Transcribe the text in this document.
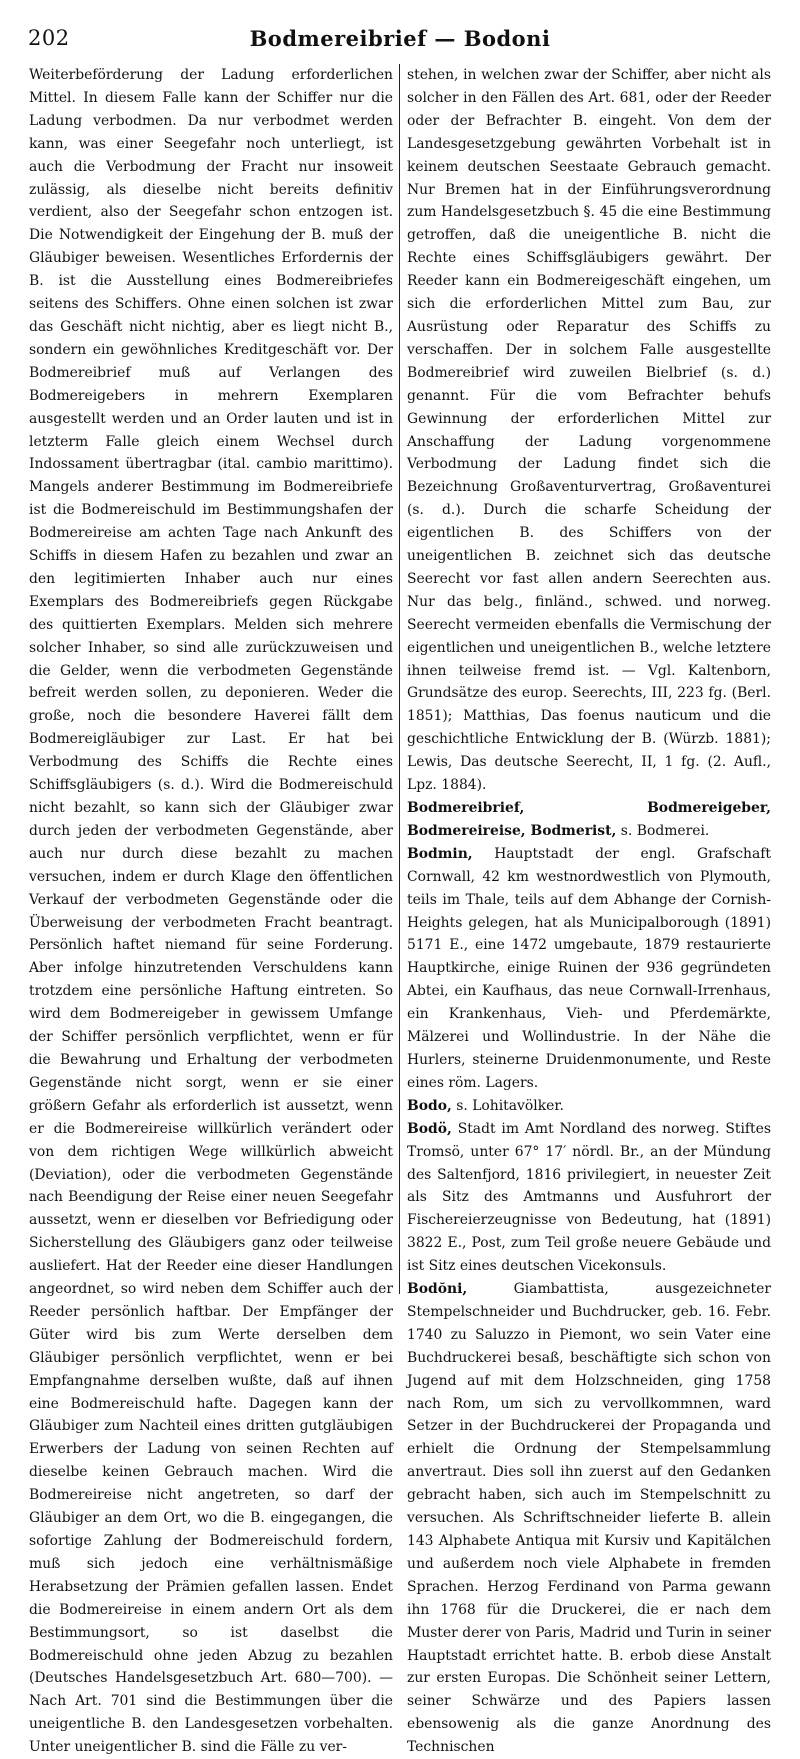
202	Bodmereibrief — Bodoni

Weiterbeförderung der Ladung erforderlichen Mittel. In diesem Falle kann der Schiffer nur die Ladung verbodmen. Da nur verbodmet werden kann, was einer Seegefahr noch unterliegt, ist auch die Verbodmung der Fracht nur insoweit zulässig, als dieselbe nicht bereits definitiv verdient, also der Seegefahr schon entzogen ist. Die Notwendigkeit der Eingehung der B. muß der Gläubiger beweisen. Wesentliches Erfordernis der B. ist die Ausstellung eines Bodmereibriefes seitens des Schiffers. Ohne einen solchen ist zwar das Geschäft nicht nichtig, aber es liegt nicht B., sondern ein gewöhnliches Kreditgeschäft vor. Der Bodmereibrief muß auf Verlangen des Bodmereigebers in mehrern Exemplaren ausgestellt werden und an Order lauten und ist in letzterm Falle gleich einem Wechsel durch Indossament übertragbar (ital. cambio marittimo). Mangels anderer Bestimmung im Bodmereibriefe ist die Bodmereischuld im Bestimmungshafen der Bodmereireise am achten Tage nach Ankunft des Schiffs in diesem Hafen zu bezahlen und zwar an den legitimierten Inhaber auch nur eines Exemplars des Bodmereibriefs gegen Rückgabe des quittierten Exemplars. Melden sich mehrere solcher Inhaber, so sind alle zurückzuweisen und die Gelder, wenn die verbodmeten Gegenstände befreit werden sollen, zu deponieren. Weder die große, noch die besondere Haverei fällt dem Bodmereigläubiger zur Last. Er hat bei Verbodmung des Schiffs die Rechte eines Schiffsgläubigers (s. d.). Wird die Bodmereischuld nicht bezahlt, so kann sich der Gläubiger zwar durch jeden der verbodmeten Gegenstände, aber auch nur durch diese bezahlt zu machen versuchen, indem er durch Klage den öffentlichen Verkauf der verbodmeten Gegenstände oder die Überweisung der verbodmeten Fracht beantragt. Persönlich haftet niemand für seine Forderung. Aber infolge hinzutretenden Verschuldens kann trotzdem eine persönliche Haftung eintreten. So wird dem Bodmereigeber in gewissem Umfange der Schiffer persönlich verpflichtet, wenn er für die Bewahrung und Erhaltung der verbodmeten Gegenstände nicht sorgt, wenn er sie einer größern Gefahr als erforderlich ist aussetzt, wenn er die Bodmereireise willkürlich verändert oder von dem richtigen Wege willkürlich abweicht (Deviation), oder die verbodmeten Gegenstände nach Beendigung der Reise einer neuen Seegefahr aussetzt, wenn er dieselben vor Befriedigung oder Sicherstellung des Gläubigers ganz oder teilweise ausliefert. Hat der Reeder eine dieser Handlungen angeordnet, so wird neben dem Schiffer auch der Reeder persönlich haftbar. Der Empfänger der Güter wird bis zum Werte derselben dem Gläubiger persönlich verpflichtet, wenn er bei Empfangnahme derselben wußte, daß auf ihnen eine Bodmereischuld hafte. Dagegen kann der Gläubiger zum Nachteil eines dritten gutgläubigen Erwerbers der Ladung von seinen Rechten auf dieselbe keinen Gebrauch machen. Wird die Bodmereireise nicht angetreten, so darf der Gläubiger an dem Ort, wo die B. eingegangen, die sofortige Zahlung der Bodmereischuld fordern, muß sich jedoch eine verhältnismäßige Herabsetzung der Prämien gefallen lassen. Endet die Bodmereireise in einem andern Ort als dem Bestimmungsort, so ist daselbst die Bodmereischuld ohne jeden Abzug zu bezahlen (Deutsches Handelsgesetzbuch Art. 680—700). — Nach Art. 701 sind die Bestimmungen über die uneigentliche B. den Landesgesetzen vorbehalten. Unter uneigentlicher B. sind die Fälle zu ver-

stehen, in welchen zwar der Schiffer, aber nicht als solcher in den Fällen des Art. 681, oder der Reeder oder der Befrachter B. eingeht. Von dem der Landesgesetzgebung gewährten Vorbehalt ist in keinem deutschen Seestaate Gebrauch gemacht. Nur Bremen hat in der Einführungsverordnung zum Handelsgesetzbuch §. 45 die eine Bestimmung getroffen, daß die uneigentliche B. nicht die Rechte eines Schiffsgläubigers gewährt. Der Reeder kann ein Bodmereigeschäft eingehen, um sich die erforderlichen Mittel zum Bau, zur Ausrüstung oder Reparatur des Schiffs zu verschaffen. Der in solchem Falle ausgestellte Bodmereibrief wird zuweilen Bielbrief (s. d.) genannt. Für die vom Befrachter behufs Gewinnung der erforderlichen Mittel zur Anschaffung der Ladung vorgenommene Verbodmung der Ladung findet sich die Bezeichnung Großaventurvertrag, Großaventurei (s. d.). Durch die scharfe Scheidung der eigentlichen B. des Schiffers von der uneigentlichen B. zeichnet sich das deutsche Seerecht vor fast allen andern Seerechten aus. Nur das belg., finländ., schwed. und norweg. Seerecht vermeiden ebenfalls die Vermischung der eigentlichen und uneigentlichen B., welche letztere ihnen teilweise fremd ist. — Vgl. Kaltenborn, Grundsätze des europ. Seerechts, III, 223 fg. (Berl. 1851); Matthias, Das foenus nauticum und die geschichtliche Entwicklung der B. (Würzb. 1881); Lewis, Das deutsche Seerecht, II, 1 fg. (2. Aufl., Lpz. 1884).

Bodmereibrief, Bodmereigeber, Bodmereireise, Bodmerist, s. Bodmerei.

Bodmin, Hauptstadt der engl. Grafschaft Cornwall, 42 km westnordwestlich von Plymouth, teils im Thale, teils auf dem Abhange der Cornish-Heights gelegen, hat als Municipalborough (1891) 5171 E., eine 1472 umgebaute, 1879 restaurierte Hauptkirche, einige Ruinen der 936 gegründeten Abtei, ein Kaufhaus, das neue Cornwall-Irrenhaus, ein Krankenhaus, Vieh- und Pferdemärkte, Mälzerei und Wollindustrie. In der Nähe die Hurlers, steinerne Druidenmonumente, und Reste eines röm. Lagers.

Bodo, s. Lohitavölker.

Bodö, Stadt im Amt Nordland des norweg. Stiftes Tromsö, unter 67° 17′ nördl. Br., an der Mündung des Saltenfjord, 1816 privilegiert, in neuester Zeit als Sitz des Amtmanns und Ausfuhrort der Fischereierzeugnisse von Bedeutung, hat (1891) 3822 E., Post, zum Teil große neuere Gebäude und ist Sitz eines deutschen Vicekonsuls.

Bodŏni, Giambattista, ausgezeichneter Stempelschneider und Buchdrucker, geb. 16. Febr. 1740 zu Saluzzo in Piemont, wo sein Vater eine Buchdruckerei besaß, beschäftigte sich schon von Jugend auf mit dem Holzschneiden, ging 1758 nach Rom, um sich zu vervollkommnen, ward Setzer in der Buchdruckerei der Propaganda und erhielt die Ordnung der Stempelsammlung anvertraut. Dies soll ihn zuerst auf den Gedanken gebracht haben, sich auch im Stempelschnitt zu versuchen. Als Schriftschneider lieferte B. allein 143 Alphabete Antiqua mit Kursiv und Kapitälchen und außerdem noch viele Alphabete in fremden Sprachen. Herzog Ferdinand von Parma gewann ihn 1768 für die Druckerei, die er nach dem Muster derer von Paris, Madrid und Turin in seiner Hauptstadt errichtet hatte. B. erbob diese Anstalt zur ersten Europas. Die Schönheit seiner Lettern, seiner Schwärze und des Papiers lassen ebensowenig als die ganze Anordnung des Technischen
